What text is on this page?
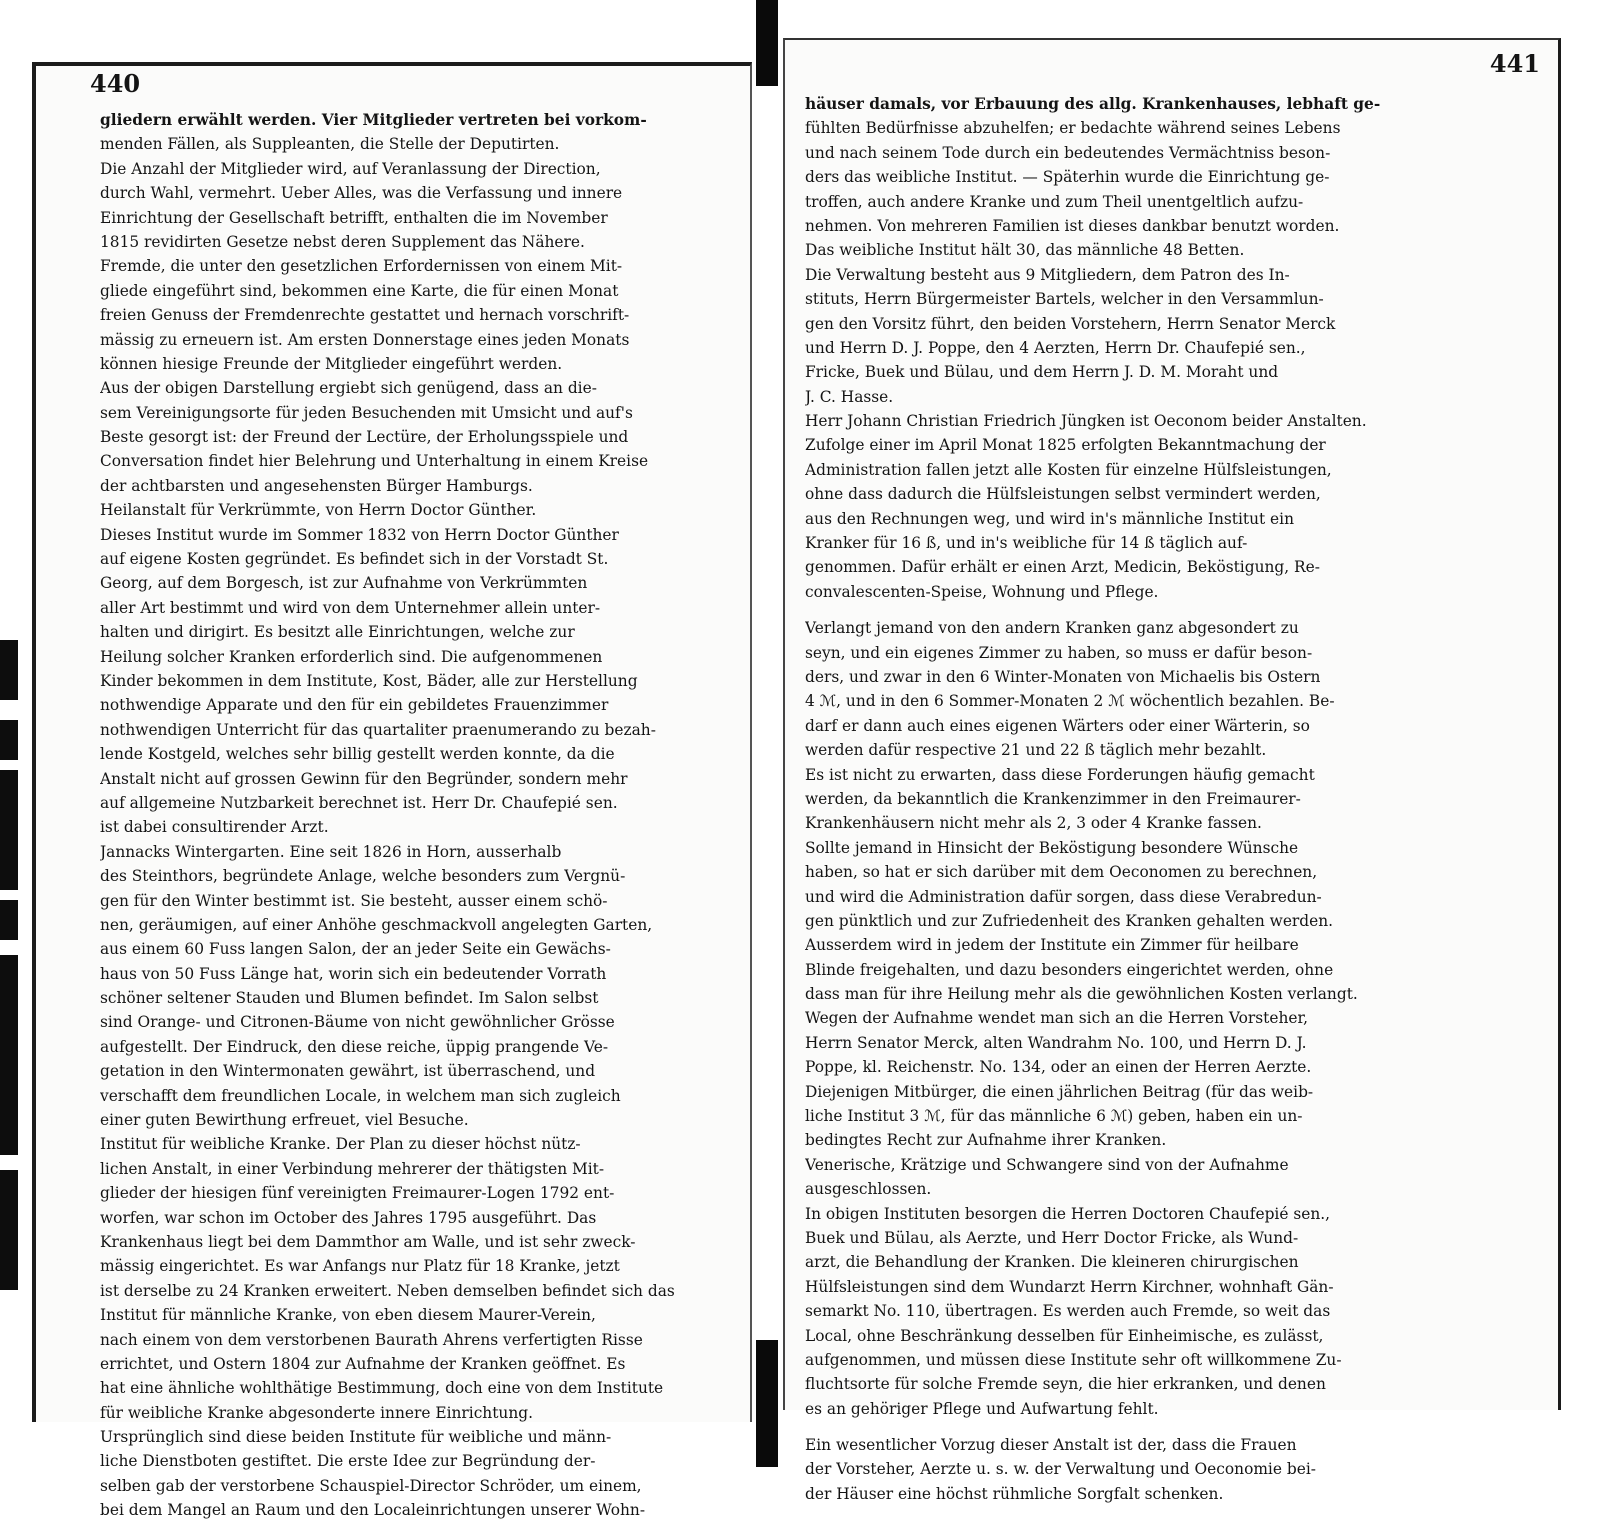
440
gliedern erwählt werden. Vier Mitglieder vertreten bei vorkom-
menden Fällen, als Suppleanten, die Stelle der Deputirten.
Die Anzahl der Mitglieder wird, auf Veranlassung der Direction,
durch Wahl, vermehrt. Ueber Alles, was die Verfassung und innere
Einrichtung der Gesellschaft betrifft, enthalten die im November
1815 revidirten Gesetze nebst deren Supplement das Nähere.
Fremde, die unter den gesetzlichen Erfordernissen von einem Mit-
gliede eingeführt sind, bekommen eine Karte, die für einen Monat
freien Genuss der Fremdenrechte gestattet und hernach vorschrift-
mässig zu erneuern ist. Am ersten Donnerstage eines jeden Monats
können hiesige Freunde der Mitglieder eingeführt werden.
Aus der obigen Darstellung ergiebt sich genügend, dass an die-
sem Vereinigungsorte für jeden Besuchenden mit Umsicht und auf's
Beste gesorgt ist: der Freund der Lectüre, der Erholungsspiele und
Conversation findet hier Belehrung und Unterhaltung in einem Kreise
der achtbarsten und angesehensten Bürger Hamburgs.
Heilanstalt für Verkrümmte, von Herrn Doctor Günther.
Dieses Institut wurde im Sommer 1832 von Herrn Doctor Günther
auf eigene Kosten gegründet. Es befindet sich in der Vorstadt St.
Georg, auf dem Borgesch, ist zur Aufnahme von Verkrümmten
aller Art bestimmt und wird von dem Unternehmer allein unter-
halten und dirigirt. Es besitzt alle Einrichtungen, welche zur
Heilung solcher Kranken erforderlich sind. Die aufgenommenen
Kinder bekommen in dem Institute, Kost, Bäder, alle zur Herstellung
nothwendige Apparate und den für ein gebildetes Frauenzimmer
nothwendigen Unterricht für das quartaliter praenumerando zu bezah-
lende Kostgeld, welches sehr billig gestellt werden konnte, da die
Anstalt nicht auf grossen Gewinn für den Begründer, sondern mehr
auf allgemeine Nutzbarkeit berechnet ist. Herr Dr. Chaufepié sen.
ist dabei consultirender Arzt.
Jannacks Wintergarten. Eine seit 1826 in Horn, ausserhalb
des Steinthors, begründete Anlage, welche besonders zum Vergnü-
gen für den Winter bestimmt ist. Sie besteht, ausser einem schö-
nen, geräumigen, auf einer Anhöhe geschmackvoll angelegten Garten,
aus einem 60 Fuss langen Salon, der an jeder Seite ein Gewächs-
haus von 50 Fuss Länge hat, worin sich ein bedeutender Vorrath
schöner seltener Stauden und Blumen befindet. Im Salon selbst
sind Orange- und Citronen-Bäume von nicht gewöhnlicher Grösse
aufgestellt. Der Eindruck, den diese reiche, üppig prangende Ve-
getation in den Wintermonaten gewährt, ist überraschend, und
verschafft dem freundlichen Locale, in welchem man sich zugleich
einer guten Bewirthung erfreuet, viel Besuche.
Institut für weibliche Kranke. Der Plan zu dieser höchst nütz-
lichen Anstalt, in einer Verbindung mehrerer der thätigsten Mit-
glieder der hiesigen fünf vereinigten Freimaurer-Logen 1792 ent-
worfen, war schon im October des Jahres 1795 ausgeführt. Das
Krankenhaus liegt bei dem Dammthor am Walle, und ist sehr zweck-
mässig eingerichtet. Es war Anfangs nur Platz für 18 Kranke, jetzt
ist derselbe zu 24 Kranken erweitert. Neben demselben befindet sich das
Institut für männliche Kranke, von eben diesem Maurer-Verein,
nach einem von dem verstorbenen Baurath Ahrens verfertigten Risse
errichtet, und Ostern 1804 zur Aufnahme der Kranken geöffnet. Es
hat eine ähnliche wohlthätige Bestimmung, doch eine von dem Institute
für weibliche Kranke abgesonderte innere Einrichtung.
Ursprünglich sind diese beiden Institute für weibliche und männ-
liche Dienstboten gestiftet. Die erste Idee zur Begründung der-
selben gab der verstorbene Schauspiel-Director Schröder, um einem,
bei dem Mangel an Raum und den Localeinrichtungen unserer Wohn-
441
häuser damals, vor Erbauung des allg. Krankenhauses, lebhaft ge-
fühlten Bedürfnisse abzuhelfen; er bedachte während seines Lebens
und nach seinem Tode durch ein bedeutendes Vermächtniss beson-
ders das weibliche Institut. — Späterhin wurde die Einrichtung ge-
troffen, auch andere Kranke und zum Theil unentgeltlich aufzu-
nehmen. Von mehreren Familien ist dieses dankbar benutzt worden.
Das weibliche Institut hält 30, das männliche 48 Betten.
Die Verwaltung besteht aus 9 Mitgliedern, dem Patron des In-
stituts, Herrn Bürgermeister Bartels, welcher in den Versammlun-
gen den Vorsitz führt, den beiden Vorstehern, Herrn Senator Merck
und Herrn D. J. Poppe, den 4 Aerzten, Herrn Dr. Chaufepié sen.,
Fricke, Buek und Bülau, und dem Herrn J. D. M. Moraht und
J. C. Hasse.
Herr Johann Christian Friedrich Jüngken ist Oeconom beider Anstalten.
Zufolge einer im April Monat 1825 erfolgten Bekanntmachung der
Administration fallen jetzt alle Kosten für einzelne Hülfsleistungen,
ohne dass dadurch die Hülfsleistungen selbst vermindert werden,
aus den Rechnungen weg, und wird in's männliche Institut ein
Kranker für 16 ß, und in's weibliche für 14 ß täglich auf-
genommen. Dafür erhält er einen Arzt, Medicin, Beköstigung, Re-
convalescenten-Speise, Wohnung und Pflege.
Verlangt jemand von den andern Kranken ganz abgesondert zu
seyn, und ein eigenes Zimmer zu haben, so muss er dafür beson-
ders, und zwar in den 6 Winter-Monaten von Michaelis bis Ostern
4 ℳ, und in den 6 Sommer-Monaten 2 ℳ wöchentlich bezahlen. Be-
darf er dann auch eines eigenen Wärters oder einer Wärterin, so
werden dafür respective 21 und 22 ß täglich mehr bezahlt.
Es ist nicht zu erwarten, dass diese Forderungen häufig gemacht
werden, da bekanntlich die Krankenzimmer in den Freimaurer-
Krankenhäusern nicht mehr als 2, 3 oder 4 Kranke fassen.
Sollte jemand in Hinsicht der Beköstigung besondere Wünsche
haben, so hat er sich darüber mit dem Oeconomen zu berechnen,
und wird die Administration dafür sorgen, dass diese Verabredun-
gen pünktlich und zur Zufriedenheit des Kranken gehalten werden.
Ausserdem wird in jedem der Institute ein Zimmer für heilbare
Blinde freigehalten, und dazu besonders eingerichtet werden, ohne
dass man für ihre Heilung mehr als die gewöhnlichen Kosten verlangt.
Wegen der Aufnahme wendet man sich an die Herren Vorsteher,
Herrn Senator Merck, alten Wandrahm No. 100, und Herrn D. J.
Poppe, kl. Reichenstr. No. 134, oder an einen der Herren Aerzte.
Diejenigen Mitbürger, die einen jährlichen Beitrag (für das weib-
liche Institut 3 ℳ, für das männliche 6 ℳ) geben, haben ein un-
bedingtes Recht zur Aufnahme ihrer Kranken.
Venerische, Krätzige und Schwangere sind von der Aufnahme
ausgeschlossen.
In obigen Instituten besorgen die Herren Doctoren Chaufepié sen.,
Buek und Bülau, als Aerzte, und Herr Doctor Fricke, als Wund-
arzt, die Behandlung der Kranken. Die kleineren chirurgischen
Hülfsleistungen sind dem Wundarzt Herrn Kirchner, wohnhaft Gän-
semarkt No. 110, übertragen. Es werden auch Fremde, so weit das
Local, ohne Beschränkung desselben für Einheimische, es zulässt,
aufgenommen, und müssen diese Institute sehr oft willkommene Zu-
fluchtsorte für solche Fremde seyn, die hier erkranken, und denen
es an gehöriger Pflege und Aufwartung fehlt.
Ein wesentlicher Vorzug dieser Anstalt ist der, dass die Frauen
der Vorsteher, Aerzte u. s. w. der Verwaltung und Oeconomie bei-
der Häuser eine höchst rühmliche Sorgfalt schenken.
